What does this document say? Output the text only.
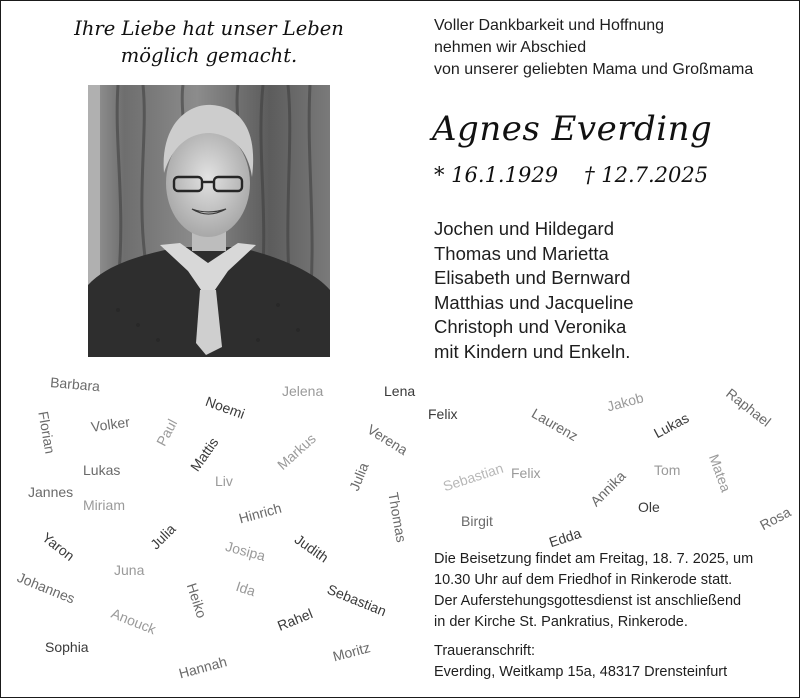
Ihre Liebe hat unser Leben
möglich gemacht.
Voller Dankbarkeit und Hoffnung
nehmen wir Abschied
von unserer geliebten Mama und Großmama
Agnes Everding
* 16.1.1929 † 12.7.2025
Jochen und Hildegard
Thomas und Marietta
Elisabeth und Bernward
Matthias und Jacqueline
Christoph und Veronika
mit Kindern und Enkeln.
Barbara
Florian Volker Paul
Noemi
Jelena	Lena
Felix
Mattis	Markus	Verena
Lukas
Liv	Julia
Jannes
Miriam	Hinrich	Thomas
Yaron	Julia	Josipa Judith
Juna
Johannes	Heiko Ida	Sebastian
Rahel
Anouck
Sophia	Moritz
Hannah
Laurenz
Jakob
Lukas Raphael
Sebastian Felix	Annika Tom Matea
Birgit
Edda
Ole	Rosa
Die Beisetzung findet am Freitag, 18. 7. 2025, um
10.30 Uhr auf dem Friedhof in Rinkerode statt.
Der Auferstehungsgottesdienst ist anschließend
in der Kirche St. Pankratius, Rinkerode.
Traueranschrift:
Everding, Weitkamp 15a, 48317 Drensteinfurt
